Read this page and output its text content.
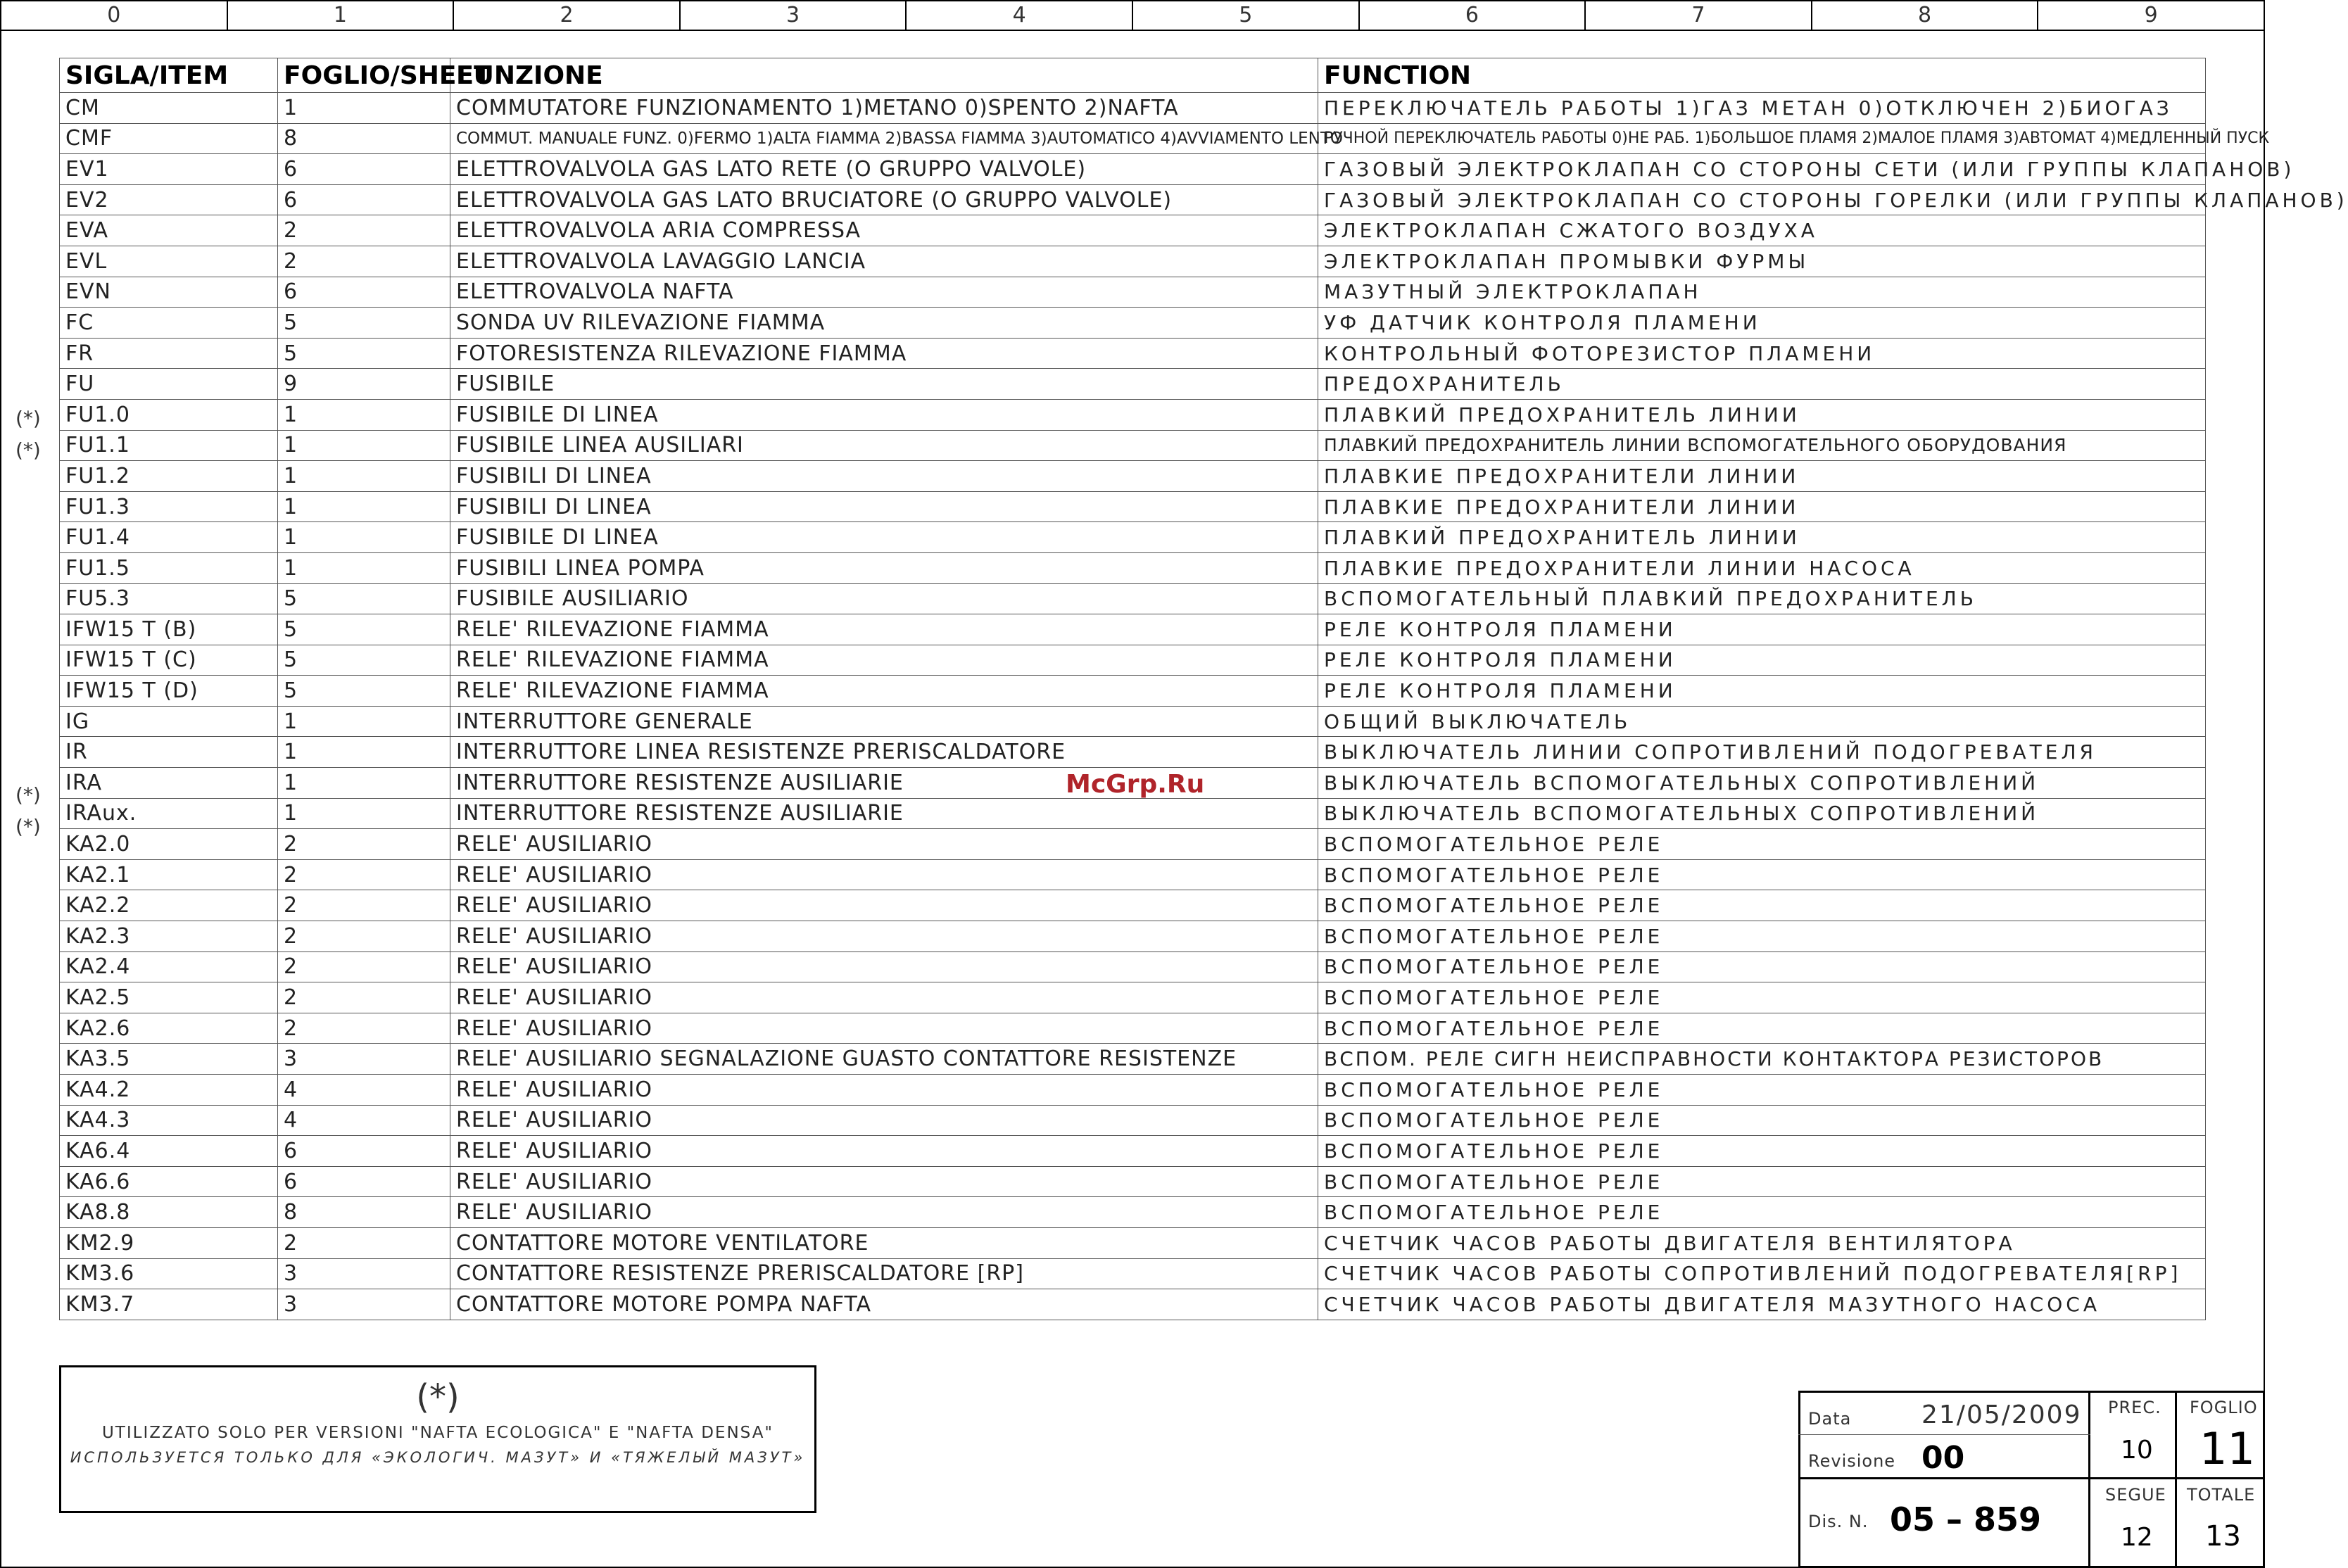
0	1	2	3	4	5	6	7	8	9
SIGLA/ITEM	FOGLIO/SHEET	FUNZIONE	FUNCTION
CM	1	COMMUTATORE FUNZIONAMENTO 1)METANO 0)SPENTO 2)NAFTA	ПЕРЕКЛЮЧАТЕЛЬ РАБОТЫ 1)ГАЗ МЕТАН 0)ОТКЛЮЧЕН 2)БИОГАЗ
CMF	8	COMMUT. MANUALE FUNZ. 0)FERMO 1)ALTA FIAMMA 2)BASSA FIAMMA 3)AUTOMATICO 4)AVVIAMENTO LENTO	РУЧНОЙ ПЕРЕКЛЮЧАТЕЛЬ РАБОТЫ 0)НЕ РАБ. 1)БОЛЬШОЕ ПЛАМЯ 2)МАЛОЕ ПЛАМЯ 3)АВТОМАТ 4)МЕДЛЕННЫЙ ПУСК
EV1	6	ELETTROVALVOLA GAS LATO RETE (O GRUPPO VALVOLE)	ГАЗОВЫЙ ЭЛЕКТРОКЛАПАН СО СТОРОНЫ СЕТИ (ИЛИ ГРУППЫ КЛАПАНОВ)
EV2	6	ELETTROVALVOLA GAS LATO BRUCIATORE (O GRUPPO VALVOLE)	ГАЗОВЫЙ ЭЛЕКТРОКЛАПАН СО СТОРОНЫ ГОРЕЛКИ (ИЛИ ГРУППЫ КЛАПАНОВ)
EVA	2	ELETTROVALVOLA ARIA COMPRESSA	ЭЛЕКТРОКЛАПАН СЖАТОГО ВОЗДУХА
EVL	2	ELETTROVALVOLA LAVAGGIO LANCIA	ЭЛЕКТРОКЛАПАН ПРОМЫВКИ ФУРМЫ
EVN	6	ELETTROVALVOLA NAFTA	МАЗУТНЫЙ ЭЛЕКТРОКЛАПАН
FC	5	SONDA UV RILEVAZIONE FIAMMA	УФ ДАТЧИК КОНТРОЛЯ ПЛАМЕНИ
FR	5	FOTORESISTENZA RILEVAZIONE FIAMMA	КОНТРОЛЬНЫЙ ФОТОРЕЗИСТОР ПЛАМЕНИ
FU	9	FUSIBILE	ПРЕДОХРАНИТЕЛЬ
FU1.0	1	FUSIBILE DI LINEA	ПЛАВКИЙ ПРЕДОХРАНИТЕЛЬ ЛИНИИ
FU1.1	1	FUSIBILE LINEA AUSILIARI	ПЛАВКИЙ ПРЕДОХРАНИТЕЛЬ ЛИНИИ ВСПОМОГАТЕЛЬНОГО ОБОРУДОВАНИЯ
FU1.2	1	FUSIBILI DI LINEA	ПЛАВКИЕ ПРЕДОХРАНИТЕЛИ ЛИНИИ
FU1.3	1	FUSIBILI DI LINEA	ПЛАВКИЕ ПРЕДОХРАНИТЕЛИ ЛИНИИ
FU1.4	1	FUSIBILE DI LINEA	ПЛАВКИЙ ПРЕДОХРАНИТЕЛЬ ЛИНИИ
FU1.5	1	FUSIBILI LINEA POMPA	ПЛАВКИЕ ПРЕДОХРАНИТЕЛИ ЛИНИИ НАСОСА
FU5.3	5	FUSIBILE AUSILIARIO	ВСПОМОГАТЕЛЬНЫЙ ПЛАВКИЙ ПРЕДОХРАНИТЕЛЬ
IFW15 T (B)	5	RELE' RILEVAZIONE FIAMMA	РЕЛЕ КОНТРОЛЯ ПЛАМЕНИ
IFW15 T (C)	5	RELE' RILEVAZIONE FIAMMA	РЕЛЕ КОНТРОЛЯ ПЛАМЕНИ
IFW15 T (D)	5	RELE' RILEVAZIONE FIAMMA	РЕЛЕ КОНТРОЛЯ ПЛАМЕНИ
IG	1	INTERRUTTORE GENERALE	ОБЩИЙ ВЫКЛЮЧАТЕЛЬ
IR	1	INTERRUTTORE LINEA RESISTENZE PRERISCALDATORE	ВЫКЛЮЧАТЕЛЬ ЛИНИИ СОПРОТИВЛЕНИЙ ПОДОГРЕВАТЕЛЯ
IRA	1	INTERRUTTORE RESISTENZE AUSILIARIE	ВЫКЛЮЧАТЕЛЬ ВСПОМОГАТЕЛЬНЫХ СОПРОТИВЛЕНИЙ
IRAux.	1	INTERRUTTORE RESISTENZE AUSILIARIE	ВЫКЛЮЧАТЕЛЬ ВСПОМОГАТЕЛЬНЫХ СОПРОТИВЛЕНИЙ
KA2.0	2	RELE' AUSILIARIO	ВСПОМОГАТЕЛЬНОЕ РЕЛЕ
KA2.1	2	RELE' AUSILIARIO	ВСПОМОГАТЕЛЬНОЕ РЕЛЕ
KA2.2	2	RELE' AUSILIARIO	ВСПОМОГАТЕЛЬНОЕ РЕЛЕ
KA2.3	2	RELE' AUSILIARIO	ВСПОМОГАТЕЛЬНОЕ РЕЛЕ
KA2.4	2	RELE' AUSILIARIO	ВСПОМОГАТЕЛЬНОЕ РЕЛЕ
KA2.5	2	RELE' AUSILIARIO	ВСПОМОГАТЕЛЬНОЕ РЕЛЕ
KA2.6	2	RELE' AUSILIARIO	ВСПОМОГАТЕЛЬНОЕ РЕЛЕ
KA3.5	3	RELE' AUSILIARIO SEGNALAZIONE GUASTO CONTATTORE RESISTENZE	ВСПОМ. РЕЛЕ СИГН НЕИСПРАВНОСТИ КОНТАКТОРА РЕЗИСТОРОВ
KA4.2	4	RELE' AUSILIARIO	ВСПОМОГАТЕЛЬНОЕ РЕЛЕ
KA4.3	4	RELE' AUSILIARIO	ВСПОМОГАТЕЛЬНОЕ РЕЛЕ
KA6.4	6	RELE' AUSILIARIO	ВСПОМОГАТЕЛЬНОЕ РЕЛЕ
KA6.6	6	RELE' AUSILIARIO	ВСПОМОГАТЕЛЬНОЕ РЕЛЕ
KA8.8	8	RELE' AUSILIARIO	ВСПОМОГАТЕЛЬНОЕ РЕЛЕ
KM2.9	2	CONTATTORE MOTORE VENTILATORE	СЧЕТЧИК ЧАСОВ РАБОТЫ ДВИГАТЕЛЯ ВЕНТИЛЯТОРА
KM3.6	3	CONTATTORE RESISTENZE PRERISCALDATORE [RP]	СЧЕТЧИК ЧАСОВ РАБОТЫ СОПРОТИВЛЕНИЙ ПОДОГРЕВАТЕЛЯ[RP]
KM3.7	3	CONTATTORE MOTORE POMPA NAFTA	СЧЕТЧИК ЧАСОВ РАБОТЫ ДВИГАТЕЛЯ МАЗУТНОГО НАСОСА
(*)
(*)
(*)
(*)
McGrp.Ru
(*)
UTILIZZATO SOLO PER VERSIONI "NAFTA ECOLOGICA" E "NAFTA DENSA"
ИСПОЛЬЗУЕТСЯ ТОЛЬКО ДЛЯ «ЭКОЛОГИЧ. МАЗУТ» И «ТЯЖЕЛЫЙ МАЗУТ»
Data	21/05/2009
Revisione 00
Dis. N. 05 – 859
PREC.
10
FOGLIO
11
SEGUE
12
TOTALE
13
